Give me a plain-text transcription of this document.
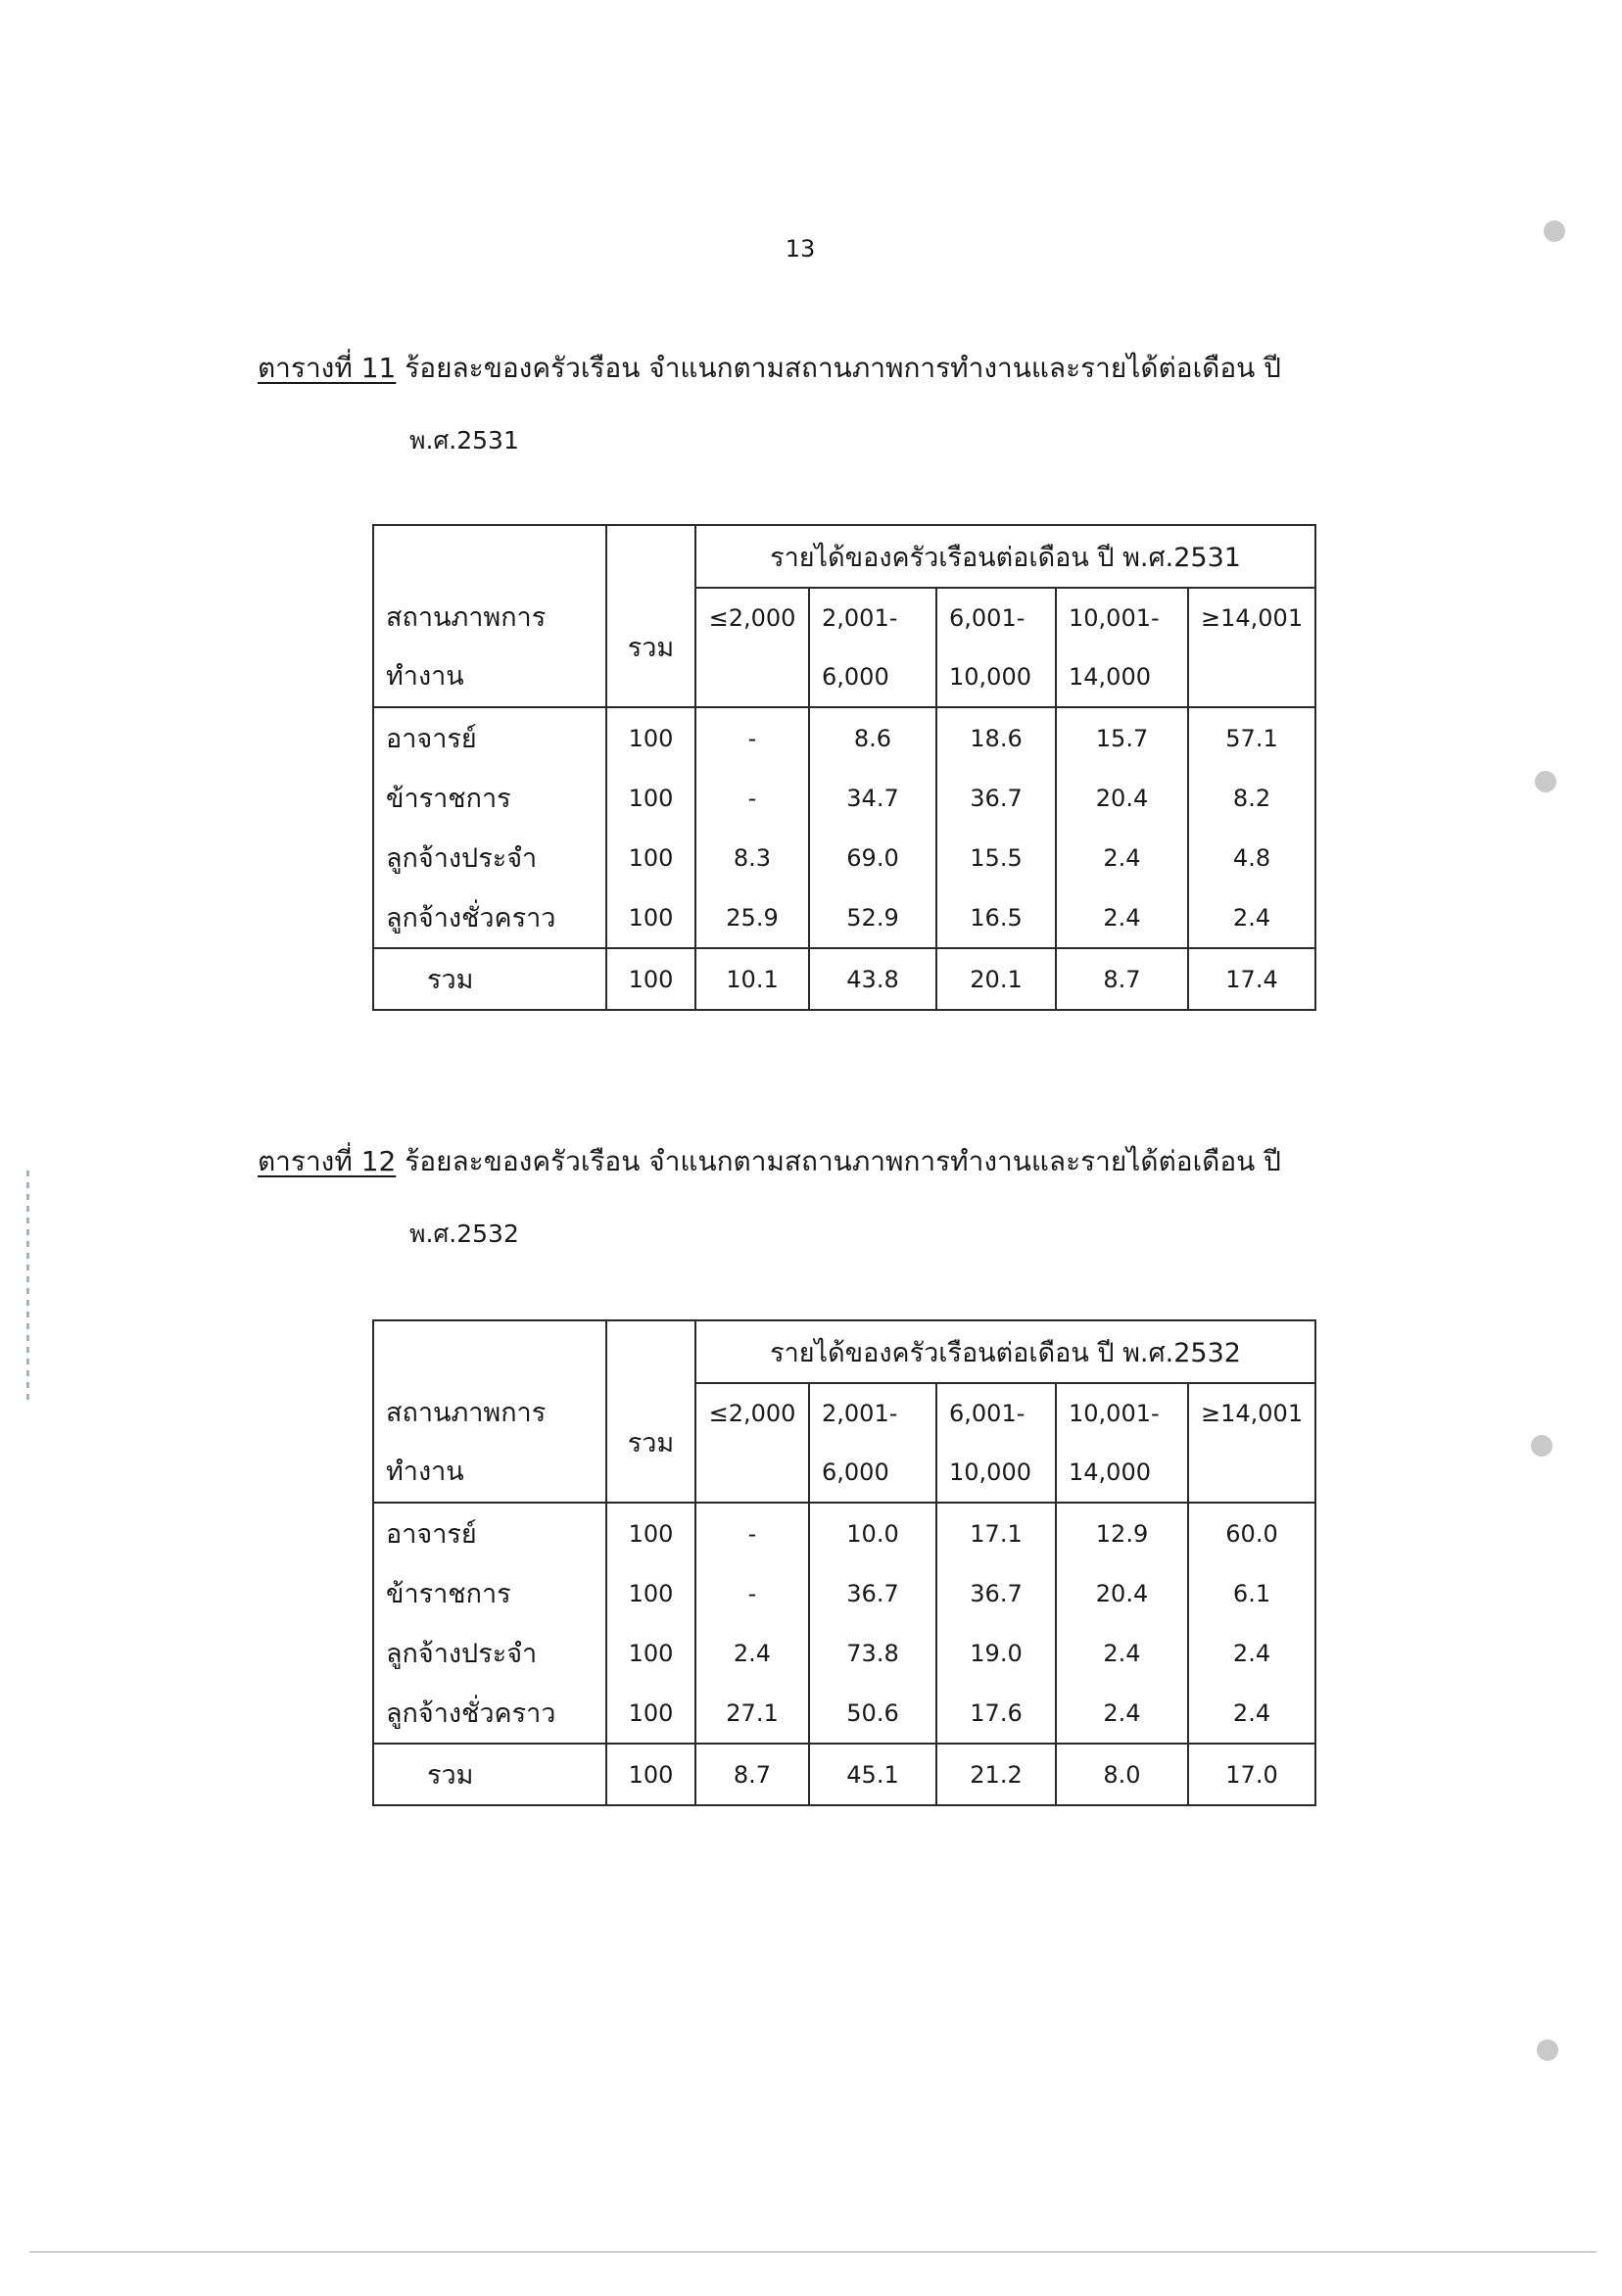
13
ตารางที่ 11 ร้อยละของครัวเรือน จำแนกตามสถานภาพการทำงานและรายได้ต่อเดือน ปี
พ.ศ.2531
		รายได้ของครัวเรือนต่อเดือน ปี พ.ศ.2531				

สถานภาพการ
ทำงาน	รวม	≤2,000	2,001-	6,001-	10,001-	≥14,001
			6,000	10,000	14,000	
อาจารย์	100	-	8.6	18.6	15.7	57.1
ข้าราชการ	100	-	34.7	36.7	20.4	8.2
ลูกจ้างประจำ	100	8.3	69.0	15.5	2.4	4.8
ลูกจ้างชั่วคราว	100	25.9	52.9	16.5	2.4	2.4
รวม	100	10.1	43.8	20.1	8.7	17.4
ตารางที่ 12 ร้อยละของครัวเรือน จำแนกตามสถานภาพการทำงานและรายได้ต่อเดือน ปี
พ.ศ.2532
		รายได้ของครัวเรือนต่อเดือน ปี พ.ศ.2532				

สถานภาพการ
ทำงาน	รวม	≤2,000	2,001-	6,001-	10,001-	≥14,001
			6,000	10,000	14,000	
อาจารย์	100	-	10.0	17.1	12.9	60.0
ข้าราชการ	100	-	36.7	36.7	20.4	6.1
ลูกจ้างประจำ	100	2.4	73.8	19.0	2.4	2.4
ลูกจ้างชั่วคราว	100	27.1	50.6	17.6	2.4	2.4
รวม	100	8.7	45.1	21.2	8.0	17.0
